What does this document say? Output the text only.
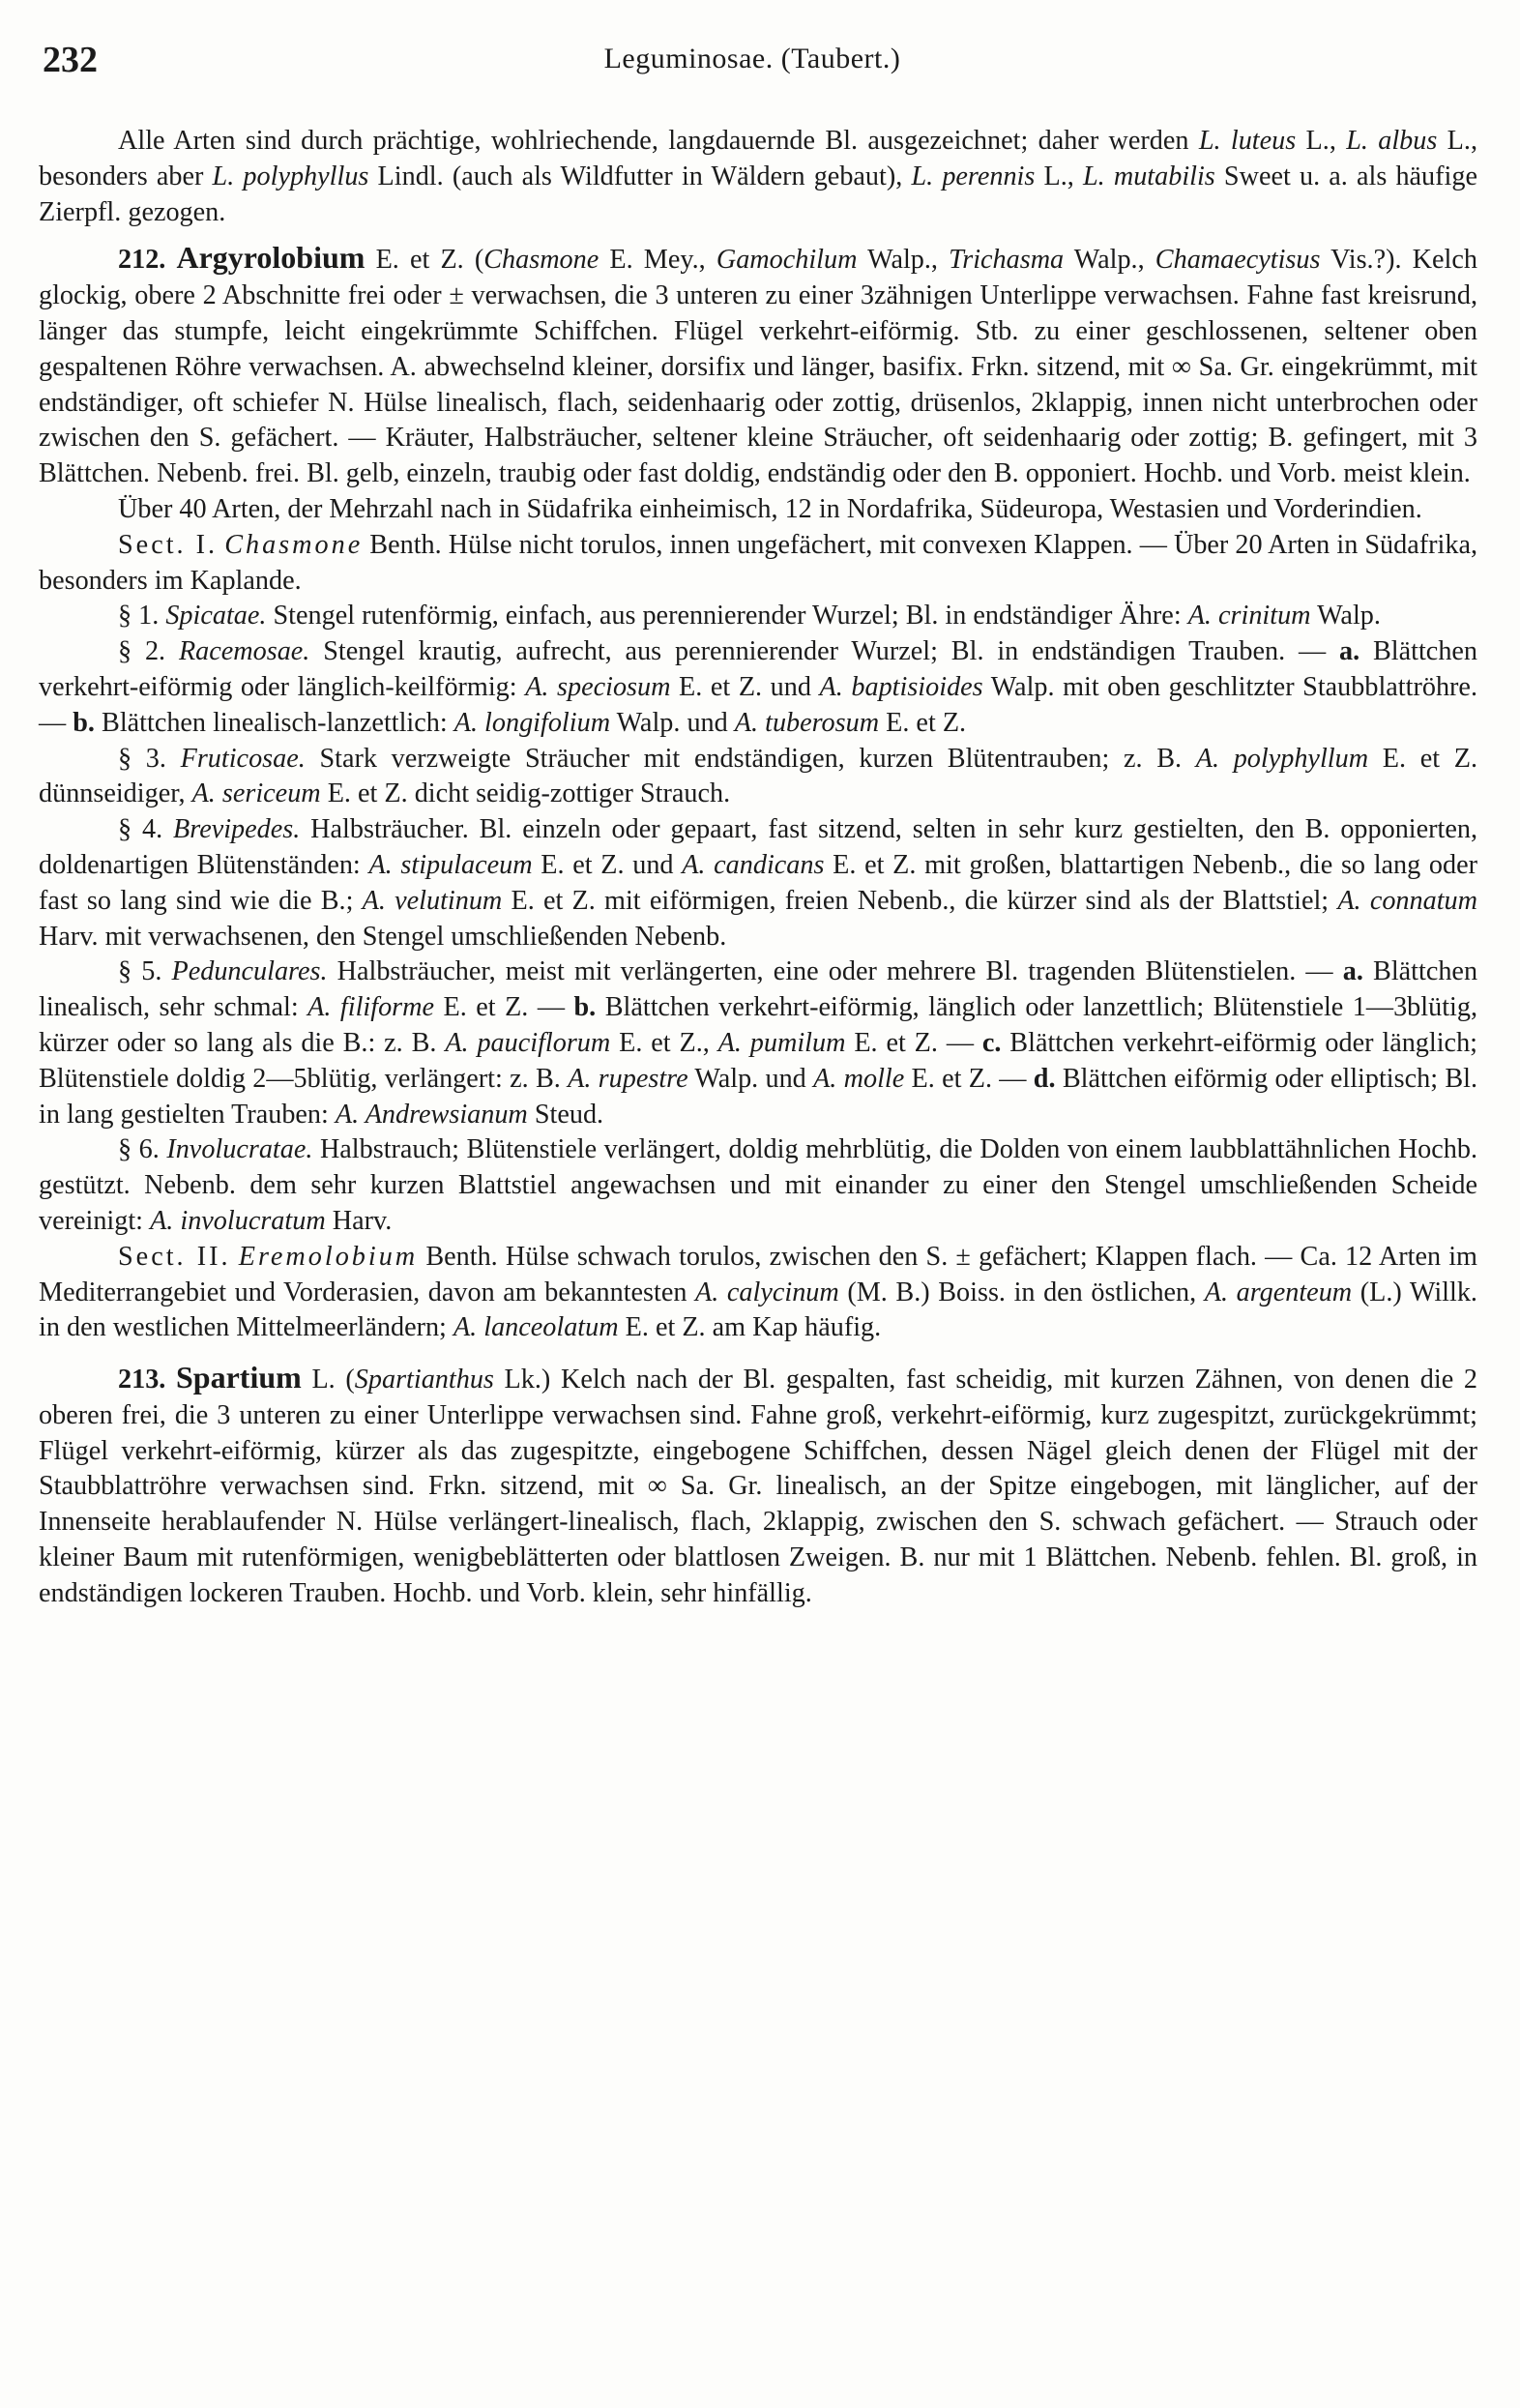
232	Leguminosae. (Taubert.)

Alle Arten sind durch prächtige, wohlriechende, langdauernde Bl. ausgezeichnet; daher werden L. luteus L., L. albus L., besonders aber L. polyphyllus Lindl. (auch als Wildfutter in Wäldern gebaut), L. perennis L., L. mutabilis Sweet u. a. als häufige Zierpfl. gezogen.

212. Argyrolobium E. et Z. (Chasmone E. Mey., Gamochilum Walp., Trichasma Walp., Chamaecytisus Vis.?). Kelch glockig, obere 2 Abschnitte frei oder ± verwachsen, die 3 unteren zu einer 3zähnigen Unterlippe verwachsen. Fahne fast kreisrund, länger das stumpfe, leicht eingekrümmte Schiffchen. Flügel verkehrt-eiförmig. Stb. zu einer geschlossenen, seltener oben gespaltenen Röhre verwachsen. A. abwechselnd kleiner, dorsifix und länger, basifix. Frkn. sitzend, mit ∞ Sa. Gr. eingekrümmt, mit endständiger, oft schiefer N. Hülse linealisch, flach, seidenhaarig oder zottig, drüsenlos, 2klappig, innen nicht unterbrochen oder zwischen den S. gefächert. — Kräuter, Halbsträucher, seltener kleine Sträucher, oft seidenhaarig oder zottig; B. gefingert, mit 3 Blättchen. Nebenb. frei. Bl. gelb, einzeln, traubig oder fast doldig, endständig oder den B. opponiert. Hochb. und Vorb. meist klein.

Über 40 Arten, der Mehrzahl nach in Südafrika einheimisch, 12 in Nordafrika, Südeuropa, Westasien und Vorderindien.

Sect. I. Chasmone Benth. Hülse nicht torulos, innen ungefächert, mit convexen Klappen. — Über 20 Arten in Südafrika, besonders im Kaplande.

§ 1. Spicatae. Stengel rutenförmig, einfach, aus perennierender Wurzel; Bl. in endständiger Ähre: A. crinitum Walp.

§ 2. Racemosae. Stengel krautig, aufrecht, aus perennierender Wurzel; Bl. in endständigen Trauben. — a. Blättchen verkehrt-eiförmig oder länglich-keilförmig: A. speciosum E. et Z. und A. baptisioides Walp. mit oben geschlitzter Staubblattröhre. — b. Blättchen linealisch-lanzettlich: A. longifolium Walp. und A. tuberosum E. et Z.

§ 3. Fruticosae. Stark verzweigte Sträucher mit endständigen, kurzen Blütentrauben; z. B. A. polyphyllum E. et Z. dünnseidiger, A. sericeum E. et Z. dicht seidig-zottiger Strauch.

§ 4. Brevipedes. Halbsträucher. Bl. einzeln oder gepaart, fast sitzend, selten in sehr kurz gestielten, den B. opponierten, doldenartigen Blütenständen: A. stipulaceum E. et Z. und A. candicans E. et Z. mit großen, blattartigen Nebenb., die so lang oder fast so lang sind wie die B.; A. velutinum E. et Z. mit eiförmigen, freien Nebenb., die kürzer sind als der Blattstiel; A. connatum Harv. mit verwachsenen, den Stengel umschließenden Nebenb.

§ 5. Pedunculares. Halbsträucher, meist mit verlängerten, eine oder mehrere Bl. tragenden Blütenstielen. — a. Blättchen linealisch, sehr schmal: A. filiforme E. et Z. — b. Blättchen verkehrt-eiförmig, länglich oder lanzettlich; Blütenstiele 1—3blütig, kürzer oder so lang als die B.: z. B. A. pauciflorum E. et Z., A. pumilum E. et Z. — c. Blättchen verkehrt-eiförmig oder länglich; Blütenstiele doldig 2—5blütig, verlängert: z. B. A. rupestre Walp. und A. molle E. et Z. — d. Blättchen eiförmig oder elliptisch; Bl. in lang gestielten Trauben: A. Andrewsianum Steud.

§ 6. Involucratae. Halbstrauch; Blütenstiele verlängert, doldig mehrblütig, die Dolden von einem laubblattähnlichen Hochb. gestützt. Nebenb. dem sehr kurzen Blattstiel angewachsen und mit einander zu einer den Stengel umschließenden Scheide vereinigt: A. involucratum Harv.

Sect. II. Eremolobium Benth. Hülse schwach torulos, zwischen den S. ± gefächert; Klappen flach. — Ca. 12 Arten im Mediterrangebiet und Vorderasien, davon am bekanntesten A. calycinum (M. B.) Boiss. in den östlichen, A. argenteum (L.) Willk. in den westlichen Mittelmeerländern; A. lanceolatum E. et Z. am Kap häufig.

213. Spartium L. (Spartianthus Lk.) Kelch nach der Bl. gespalten, fast scheidig, mit kurzen Zähnen, von denen die 2 oberen frei, die 3 unteren zu einer Unterlippe verwachsen sind. Fahne groß, verkehrt-eiförmig, kurz zugespitzt, zurückgekrümmt; Flügel verkehrt-eiförmig, kürzer als das zugespitzte, eingebogene Schiffchen, dessen Nägel gleich denen der Flügel mit der Staubblattröhre verwachsen sind. Frkn. sitzend, mit ∞ Sa. Gr. linealisch, an der Spitze eingebogen, mit länglicher, auf der Innenseite herablaufender N. Hülse verlängert-linealisch, flach, 2klappig, zwischen den S. schwach gefächert. — Strauch oder kleiner Baum mit rutenförmigen, wenigbeblätterten oder blattlosen Zweigen. B. nur mit 1 Blättchen. Nebenb. fehlen. Bl. groß, in endständigen lockeren Trauben. Hochb. und Vorb. klein, sehr hinfällig.
